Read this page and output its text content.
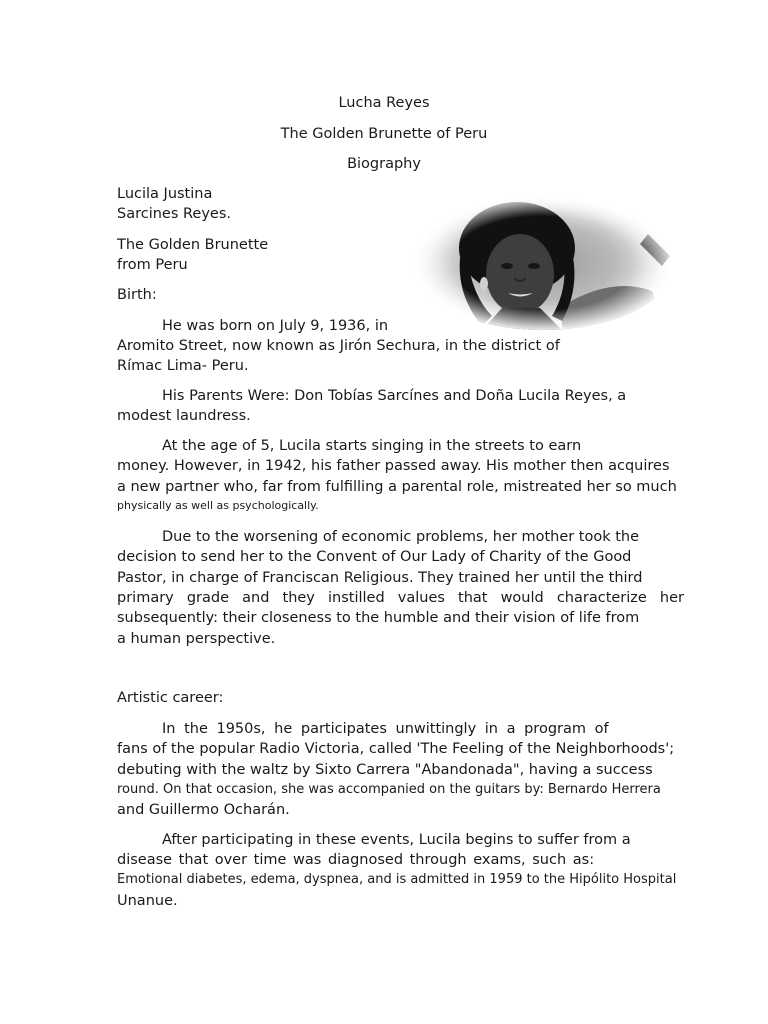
Lucha Reyes

The Golden Brunette of Peru

Biography

Lucila Justina

Sarcines Reyes.

The Golden Brunette

from Peru

Birth:

He was born on July 9, 1936, in

Aromito Street, now known as Jirón Sechura, in the district of

Rímac Lima- Peru.

His Parents Were: Don Tobías Sarcínes and Doña Lucila Reyes, a

modest laundress.

At the age of 5, Lucila starts singing in the streets to earn

money. However, in 1942, his father passed away. His mother then acquires

a new partner who, far from fulfilling a parental role, mistreated her so much

physically as well as psychologically.

Due to the worsening of economic problems, her mother took the

decision to send her to the Convent of Our Lady of Charity of the Good

Pastor, in charge of Franciscan Religious. They trained her until the third

primary grade and they instilled values that would characterize her

subsequently: their closeness to the humble and their vision of life from

a human perspective.

Artistic career:

In the 1950s, he participates unwittingly in a program of

fans of the popular Radio Victoria, called 'The Feeling of the Neighborhoods';

debuting with the waltz by Sixto Carrera "Abandonada", having a success

round. On that occasion, she was accompanied on the guitars by: Bernardo Herrera

and Guillermo Ocharán.

After participating in these events, Lucila begins to suffer from a

disease that over time was diagnosed through exams, such as:

Emotional diabetes, edema, dyspnea, and is admitted in 1959 to the Hipólito Hospital

Unanue.
